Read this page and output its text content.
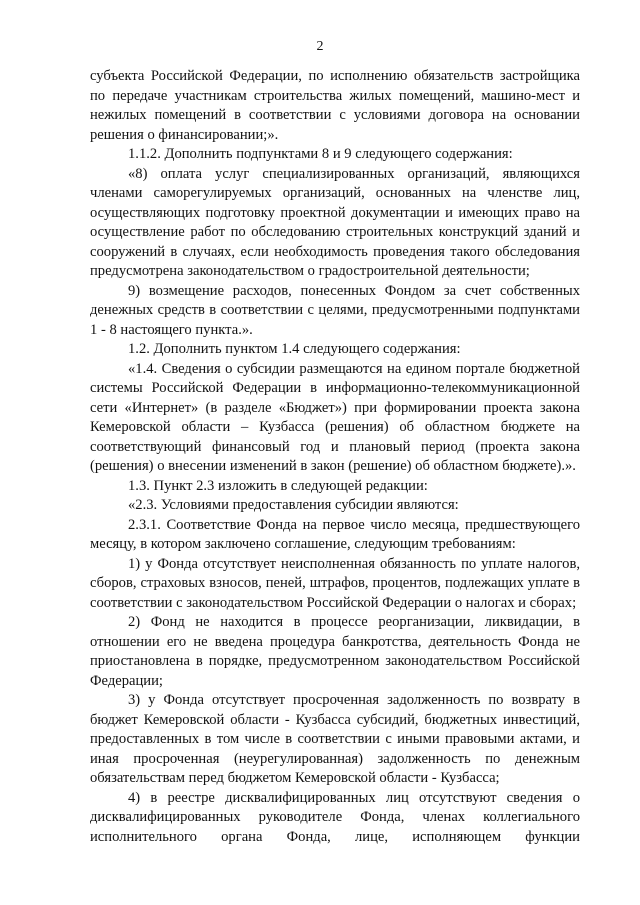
2

субъекта Российской Федерации, по исполнению обязательств застройщика по передаче участникам строительства жилых помещений, машино-мест и нежилых помещений в соответствии с условиями договора на основании решения о финансировании;».

1.1.2. Дополнить подпунктами 8 и 9 следующего содержания:

«8) оплата услуг специализированных организаций, являющихся членами саморегулируемых организаций, основанных на членстве лиц, осуществляющих подготовку проектной документации и имеющих право на осуществление работ по обследованию строительных конструкций зданий и сооружений в случаях, если необходимость проведения такого обследования предусмотрена законодательством о градостроительной деятельности;

9) возмещение расходов, понесенных Фондом за счет собственных денежных средств в соответствии с целями, предусмотренными подпунктами 1 - 8 настоящего пункта.».

1.2. Дополнить пунктом 1.4 следующего содержания:

«1.4. Сведения о субсидии размещаются на едином портале бюджетной системы Российской Федерации в информационно-телекоммуникационной сети «Интернет» (в разделе «Бюджет») при формировании проекта закона Кемеровской области – Кузбасса (решения) об областном бюджете на соответствующий финансовый год и плановый период (проекта закона (решения) о внесении изменений в закон (решение) об областном бюджете).».

1.3. Пункт 2.3 изложить в следующей редакции:

«2.3. Условиями предоставления субсидии являются:

2.3.1. Соответствие Фонда на первое число месяца, предшествующего месяцу, в котором заключено соглашение, следующим требованиям:

1) у Фонда отсутствует неисполненная обязанность по уплате налогов, сборов, страховых взносов, пеней, штрафов, процентов, подлежащих уплате в соответствии с законодательством Российской Федерации о налогах и сборах;

2) Фонд не находится в процессе реорганизации, ликвидации, в отношении его не введена процедура банкротства, деятельность Фонда не приостановлена в порядке, предусмотренном законодательством Российской Федерации;

3) у Фонда отсутствует просроченная задолженность по возврату в бюджет Кемеровской области - Кузбасса субсидий, бюджетных инвестиций, предоставленных в том числе в соответствии с иными правовыми актами, и иная просроченная (неурегулированная) задолженность по денежным обязательствам перед бюджетом Кемеровской области - Кузбасса;

4) в реестре дисквалифицированных лиц отсутствуют сведения о дисквалифицированных руководителе Фонда, членах коллегиального исполнительного органа Фонда, лице, исполняющем функции
